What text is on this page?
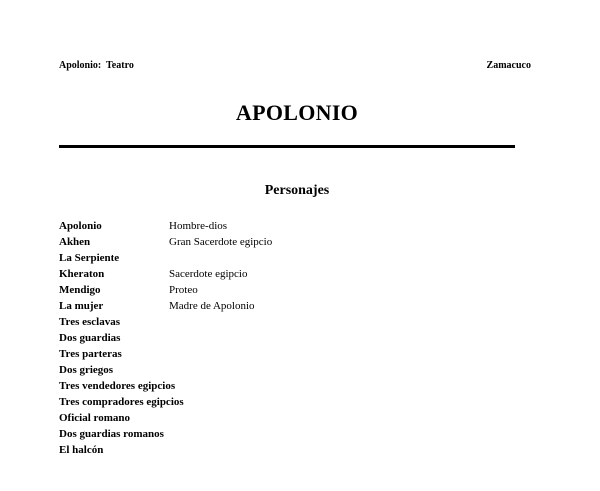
Apolonio:  Teatro	Zamacuco
APOLONIO
Personajes
Apolonio	Hombre-dios
Akhen	Gran Sacerdote egipcio
La Serpiente
Kheraton	Sacerdote egipcio
Mendigo	Proteo
La mujer	Madre de Apolonio
Tres esclavas
Dos guardias
Tres parteras
Dos griegos
Tres vendedores egipcios
Tres compradores egipcios
Oficial romano
Dos guardias romanos
El halcón
